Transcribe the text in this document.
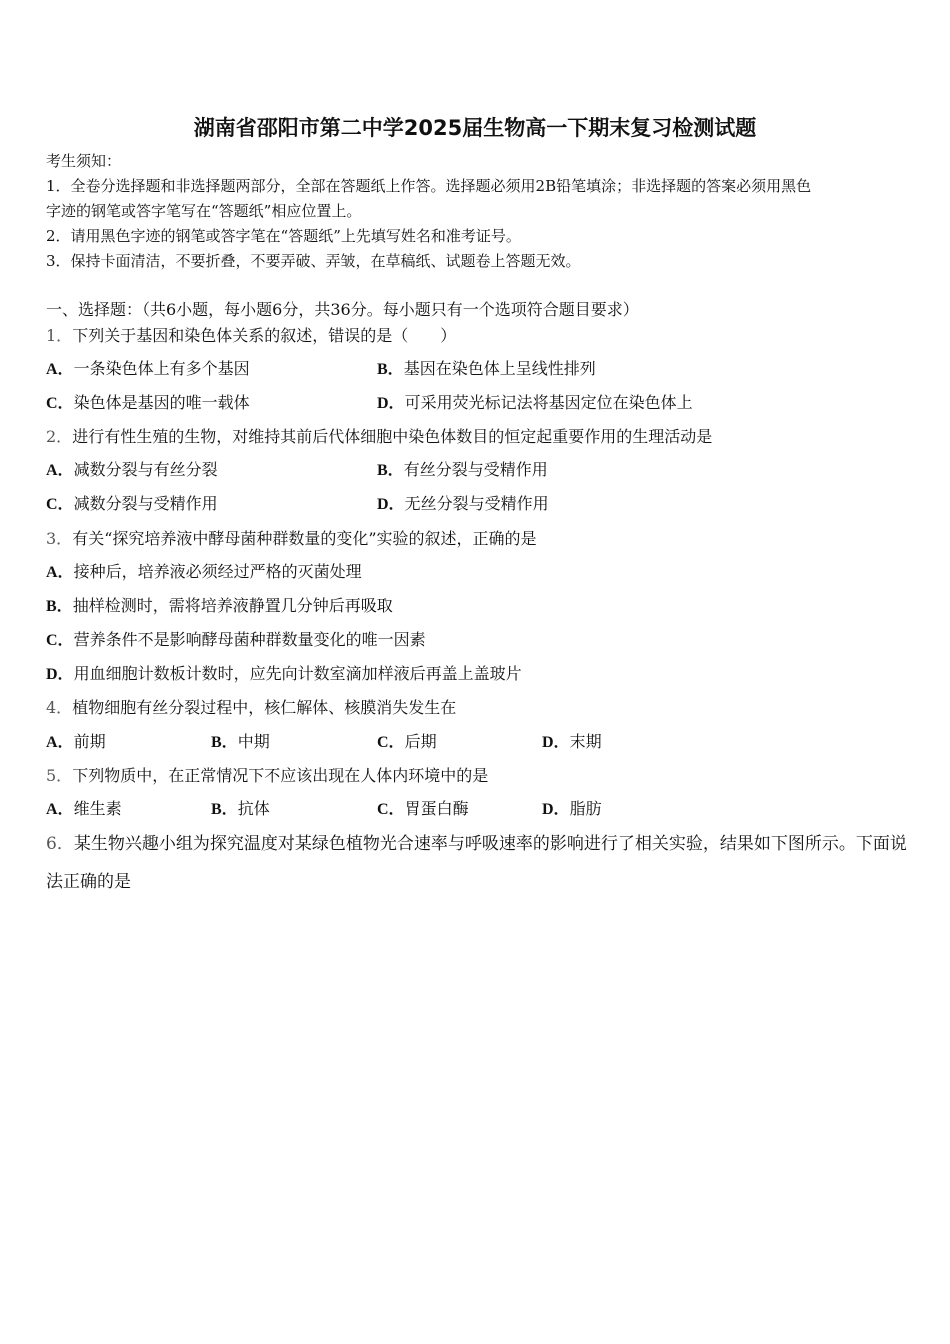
湖南省邵阳市第二中学2025届生物高一下期末复习检测试题
考生须知：
1．全卷分选择题和非选择题两部分，全部在答题纸上作答。选择题必须用2B铅笔填涂；非选择题的答案必须用黑色
字迹的钢笔或答字笔写在“答题纸”相应位置上。
2．请用黑色字迹的钢笔或答字笔在“答题纸”上先填写姓名和准考证号。
3．保持卡面清洁，不要折叠，不要弄破、弄皱，在草稿纸、试题卷上答题无效。
一、选择题：（共6小题，每小题6分，共36分。每小题只有一个选项符合题目要求）
1．下列关于基因和染色体关系的叙述，错误的是（　　）
A．一条染色体上有多个基因	B．基因在染色体上呈线性排列
C．染色体是基因的唯一载体	D．可采用荧光标记法将基因定位在染色体上
2．进行有性生殖的生物，对维持其前后代体细胞中染色体数目的恒定起重要作用的生理活动是
A．减数分裂与有丝分裂	B．有丝分裂与受精作用
C．减数分裂与受精作用	D．无丝分裂与受精作用
3．有关“探究培养液中酵母菌种群数量的变化”实验的叙述，正确的是
A．接种后，培养液必须经过严格的灭菌处理
B．抽样检测时，需将培养液静置几分钟后再吸取
C．营养条件不是影响酵母菌种群数量变化的唯一因素
D．用血细胞计数板计数时，应先向计数室滴加样液后再盖上盖玻片
4．植物细胞有丝分裂过程中，核仁解体、核膜消失发生在
A．前期	B．中期	C．后期	D．末期
5．下列物质中，在正常情况下不应该出现在人体内环境中的是
A．维生素	B．抗体	C．胃蛋白酶	D．脂肪
6．某生物兴趣小组为探究温度对某绿色植物光合速率与呼吸速率的影响进行了相关实验，结果如下图所示。下面说法正确的是
